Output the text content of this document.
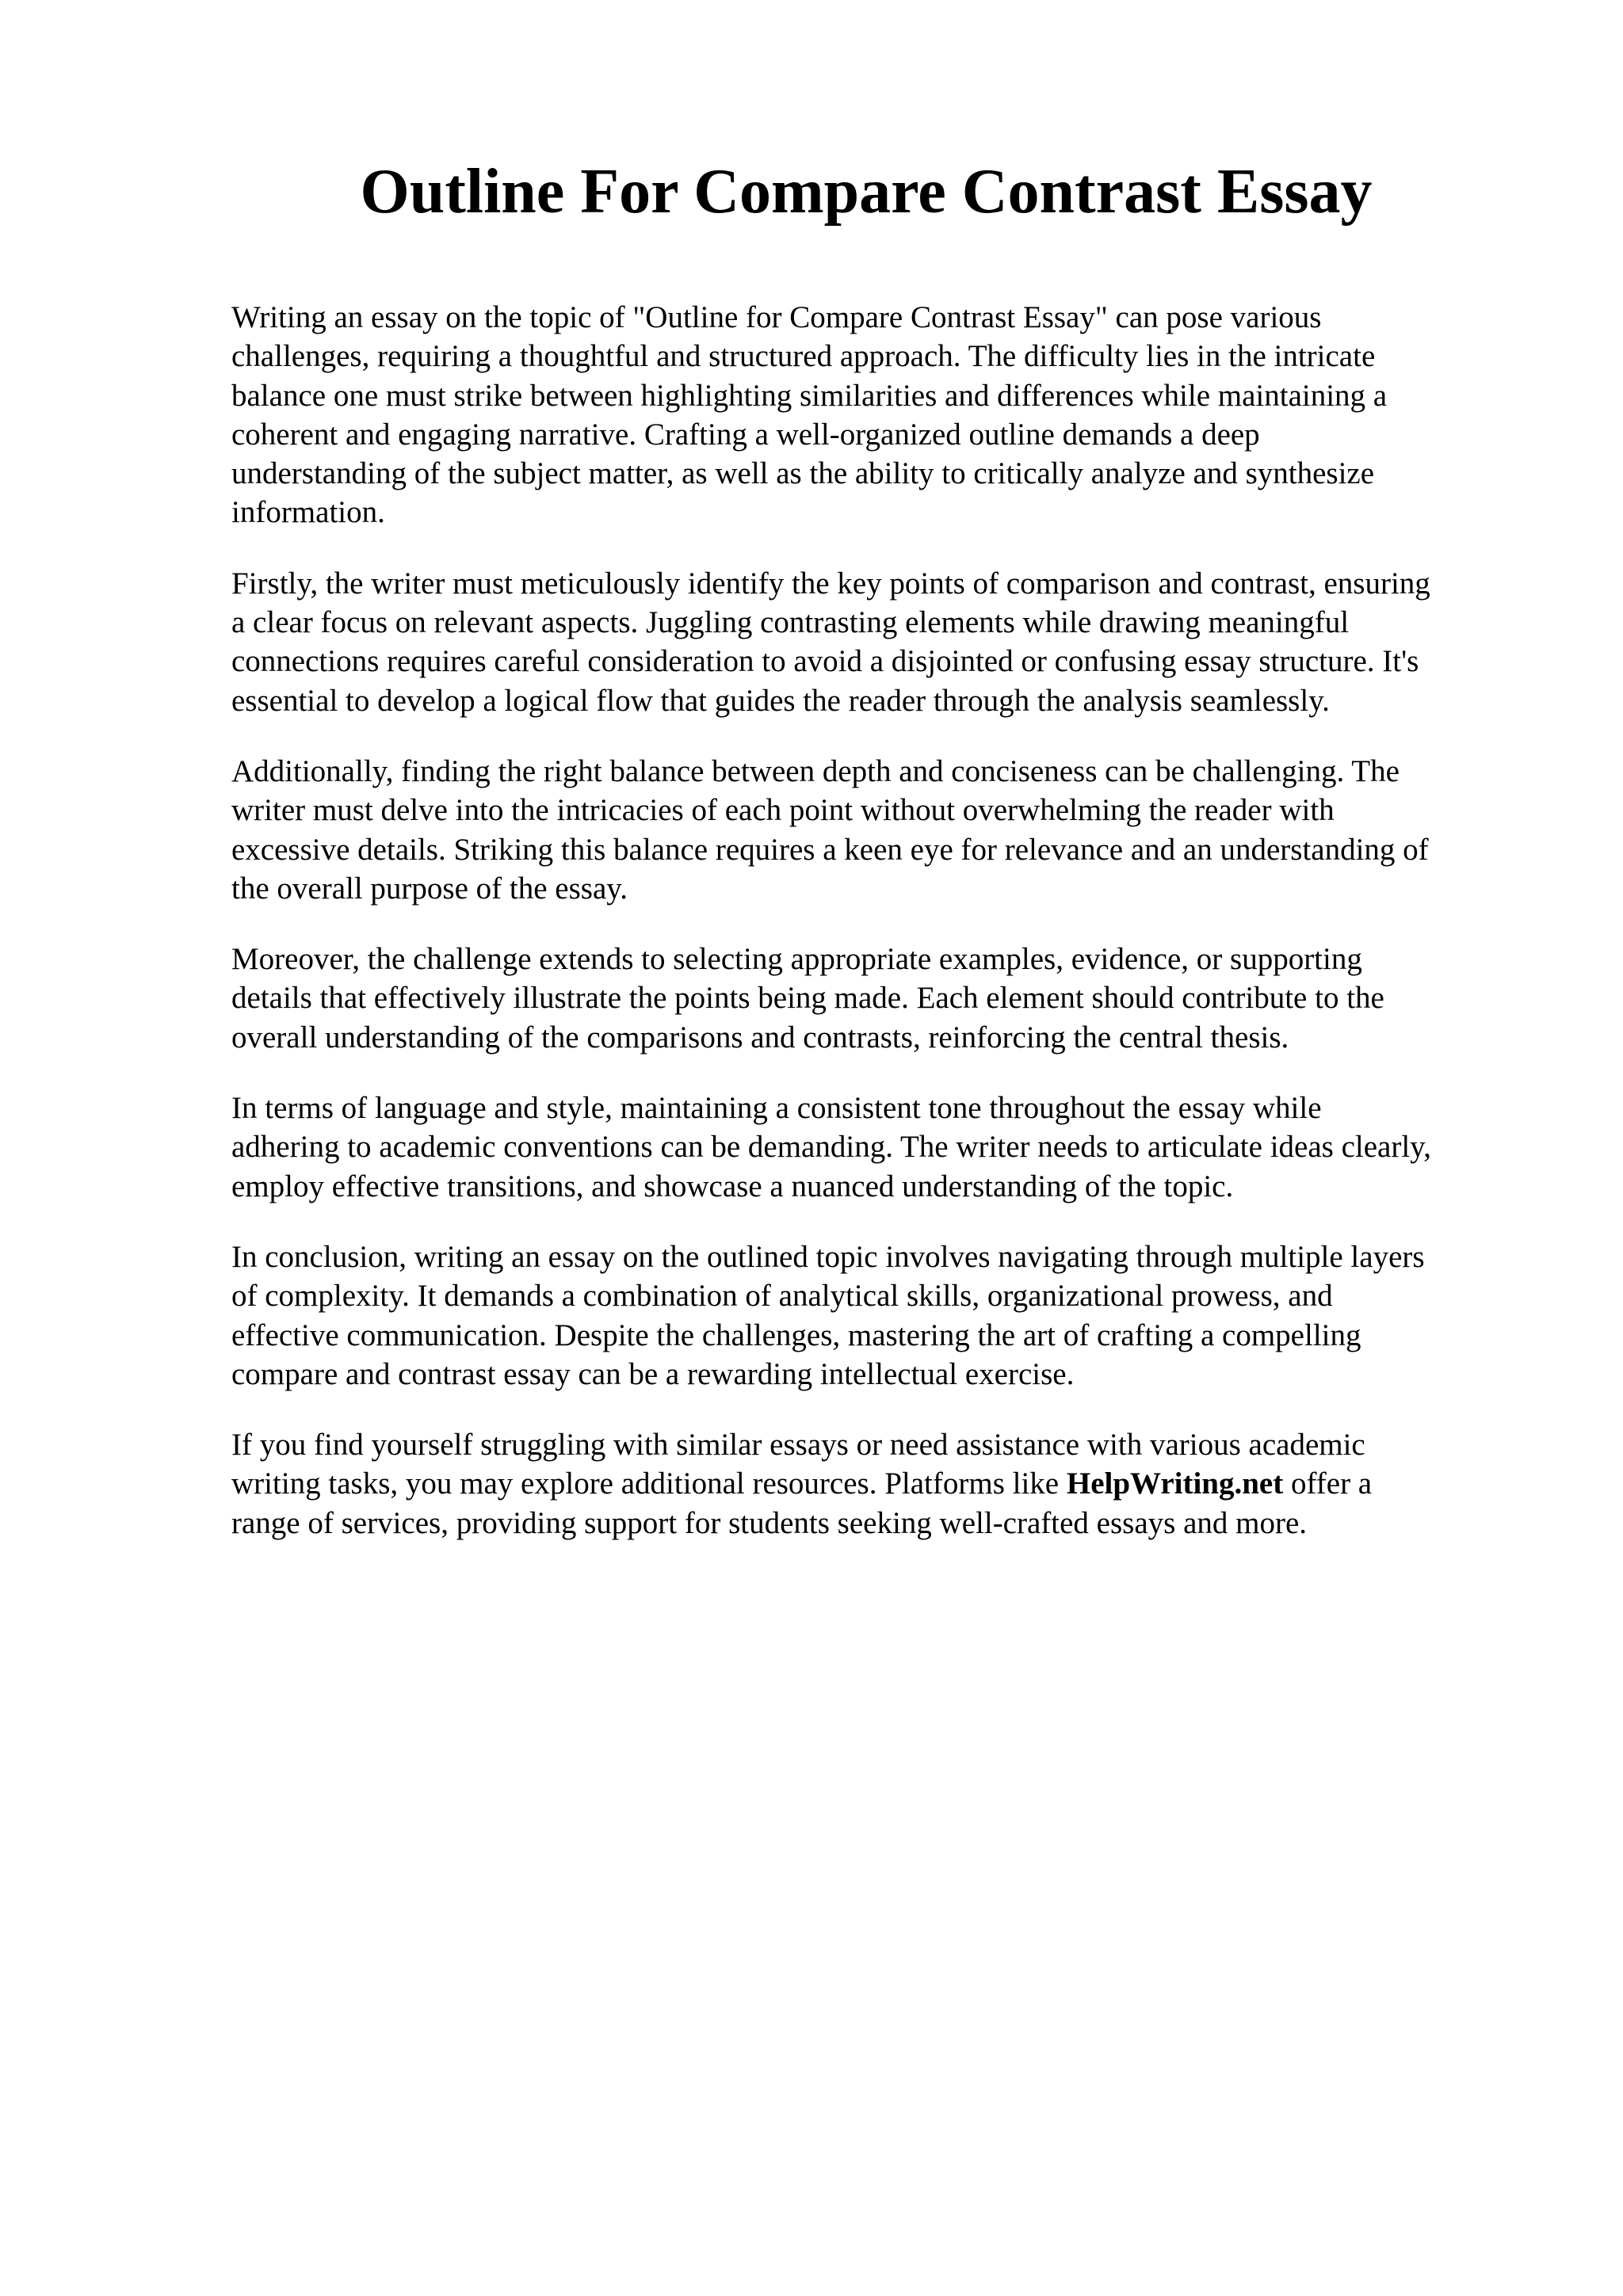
Outline For Compare Contrast Essay

Writing an essay on the topic of "Outline for Compare Contrast Essay" can pose various
challenges, requiring a thoughtful and structured approach. The difficulty lies in the intricate
balance one must strike between highlighting similarities and differences while maintaining a
coherent and engaging narrative. Crafting a well-organized outline demands a deep
understanding of the subject matter, as well as the ability to critically analyze and synthesize
information.

Firstly, the writer must meticulously identify the key points of comparison and contrast, ensuring
a clear focus on relevant aspects. Juggling contrasting elements while drawing meaningful
connections requires careful consideration to avoid a disjointed or confusing essay structure. It's
essential to develop a logical flow that guides the reader through the analysis seamlessly.

Additionally, finding the right balance between depth and conciseness can be challenging. The
writer must delve into the intricacies of each point without overwhelming the reader with
excessive details. Striking this balance requires a keen eye for relevance and an understanding of
the overall purpose of the essay.

Moreover, the challenge extends to selecting appropriate examples, evidence, or supporting
details that effectively illustrate the points being made. Each element should contribute to the
overall understanding of the comparisons and contrasts, reinforcing the central thesis.

In terms of language and style, maintaining a consistent tone throughout the essay while
adhering to academic conventions can be demanding. The writer needs to articulate ideas clearly,
employ effective transitions, and showcase a nuanced understanding of the topic.

In conclusion, writing an essay on the outlined topic involves navigating through multiple layers
of complexity. It demands a combination of analytical skills, organizational prowess, and
effective communication. Despite the challenges, mastering the art of crafting a compelling
compare and contrast essay can be a rewarding intellectual exercise.

If you find yourself struggling with similar essays or need assistance with various academic
writing tasks, you may explore additional resources. Platforms like HelpWriting.net offer a
range of services, providing support for students seeking well-crafted essays and more.
